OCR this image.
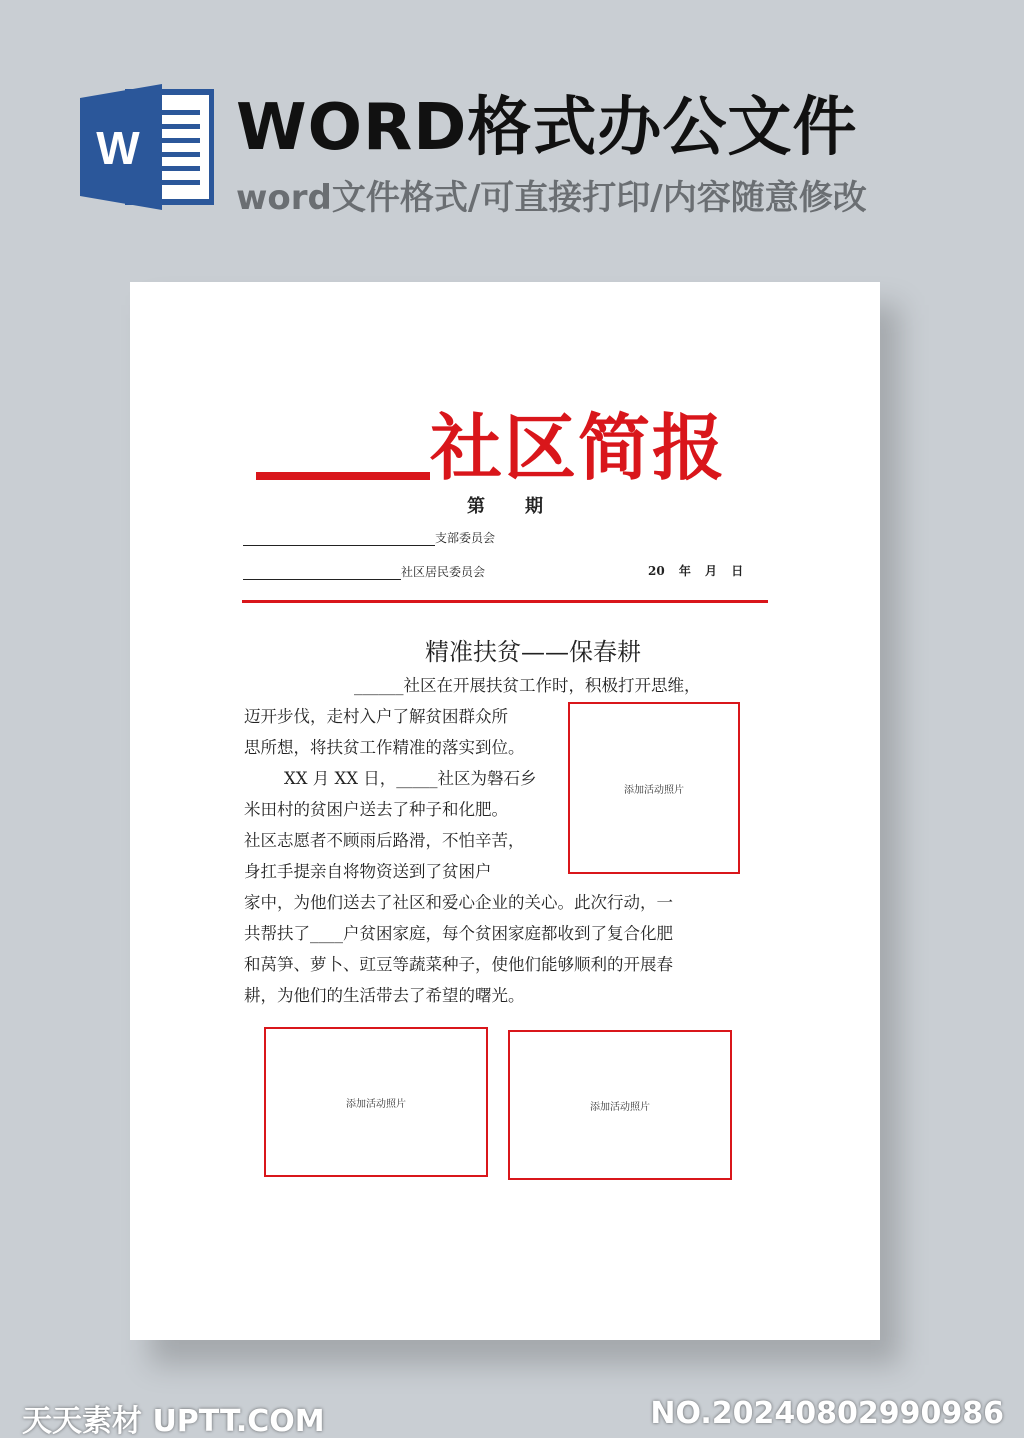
W WORD格式办公文件
word文件格式/可直接打印/内容随意修改
社区简报
第 期
支部委员会
社区居民委员会	20 年 月 日
精准扶贫——保春耕
______社区在开展扶贫工作时，积极打开思维，
迈开步伐，走村入户了解贫困群众所
思所想，将扶贫工作精准的落实到位。
XX 月 XX 日，_____社区为磐石乡
米田村的贫困户送去了种子和化肥。
社区志愿者不顾雨后路滑，不怕辛苦，
身扛手提亲自将物资送到了贫困户
家中，为他们送去了社区和爱心企业的关心。此次行动，一
共帮扶了____户贫困家庭，每个贫困家庭都收到了复合化肥
和莴笋、萝卜、豇豆等蔬菜种子，使他们能够顺利的开展春
耕，为他们的生活带去了希望的曙光。
添加活动照片
添加活动照片	添加活动照片
天天素材 UPTT.COM	NO.20240802990986
